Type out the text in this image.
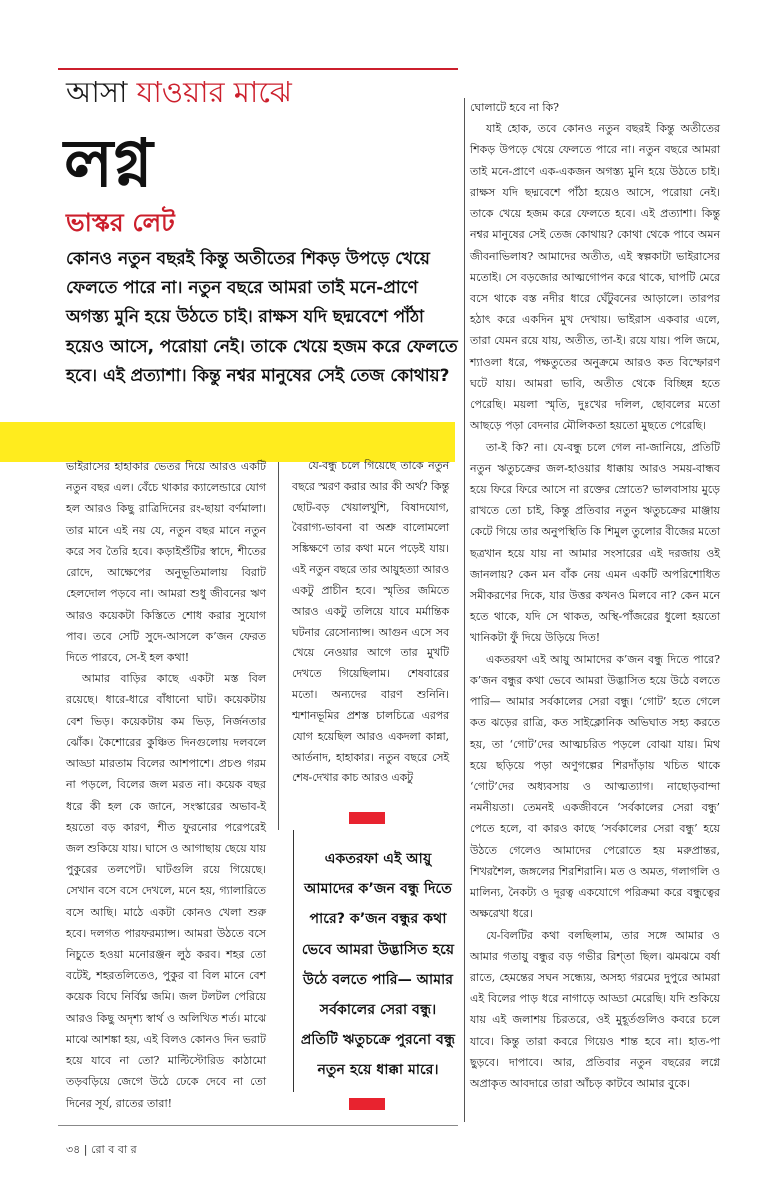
আসা যাওয়ার মাঝে
লগ্ন
ভাস্কর লেট
কোনও নতুন বছরই কিন্তু অতীতের শিকড় উপড়ে খেয়ে ফেলতে পারে না। নতুন বছরে আমরা তাই মনে-প্রাণে অগস্ত্য মুনি হয়ে উঠতে চাই। রাক্ষস যদি ছদ্মবেশে পাঁঠা হয়েও আসে, পরোয়া নেই। তাকে খেয়ে হজম করে ফেলতে হবে। এই প্রত্যাশা। কিন্তু নশ্বর মানুষের সেই তেজ কোথায়?

ভাইরাসের হাহাকার ভেতর দিয়ে আরও একটি নতুন বছর এল। বেঁচে থাকার ক্যালেন্ডারে যোগ হল আরও কিছু রাত্রিদিনের রং-ছায়া বর্ণমালা। তার মানে এই নয় যে, নতুন বছর মানে নতুন করে সব তৈরি হবে। কড়াইশুঁটির স্বাদে, শীতের রোদে, আক্ষেপের অনুভূতিমালায় বিরাট হেলদোল পড়বে না। আমরা শুধু জীবনের ঋণ আরও কয়েকটা কিস্তিতে শোধ করার সুযোগ পাব। তবে সেটি সুদে-আসলে ক’জন ফেরত দিতে পারবে, সে-ই হল কথা!

আমার বাড়ির কাছে একটা মস্ত বিল রয়েছে। ধারে-ধারে বাঁধানো ঘাট। কয়েকটায় বেশ ভিড়। কয়েকটায় কম ভিড়, নির্জনতার ঝোঁক। কৈশোরের কুঞ্চিত দিনগুলোয় দলবলে আড্ডা মারতাম বিলের আশপাশে। প্রচণ্ড গরম না পড়লে, বিলের জল মরত না। কয়েক বছর ধরে কী হল কে জানে, সংস্কারের অভাব-ই হয়তো বড় কারণ, শীত ফুরনোর পরেপরেই জল শুকিয়ে যায়। ঘাসে ও আগাছায় ছেয়ে যায় পুকুরের তলপেট। ঘাটগুলি রয়ে গিয়েছে। সেখান বসে বসে দেখলে, মনে হয়, গ্যালারিতে বসে আছি। মাঠে একটা কোনও খেলা শুরু হবে। দলগত পারফরম্যান্স। আমরা উঠতে বসে নিচুতে হওয়া মনোরঞ্জন লুঠ করব। শহর তো বটেই, শহরতলিতেও, পুকুর বা বিল মানে বেশ কয়েক বিঘে নির্বিঘ্ন জমি। জল টলটল পেরিয়ে আরও কিছু অদৃশ্য স্বার্থ ও অলিখিত শর্ত। মাঝে মাঝে আশঙ্কা হয়, এই বিলও কোনও দিন ভরাট হয়ে যাবে না তো? মাল্টিস্টোরিড কাঠামো তড়বড়িয়ে জেগে উঠে ঢেকে দেবে না তো দিনের সূর্য, রাতের তারা!

যে-বন্ধু চলে গিয়েছে তাকে নতুন বছরে স্মরণ করার আর কী অর্থ? কিন্তু ছোট-বড় খেয়ালখুশি, বিষাদযোগ, বৈরাগ্য-ভাবনা বা অশ্রু বালোমলো সঙ্কিক্ষণে তার কথা মনে পড়েই যায়। এই নতুন বছরে তার আয়ুহত্যা আরও একটু প্রাচীন হবে। স্মৃতির জমিতে আরও একটু তলিয়ে যাবে মর্মান্তিক ঘটনার রেসোন্যান্স। আগুন এসে সব খেয়ে নেওয়ার আগে তার মুখটি দেখতে গিয়েছিলাম। শেষবারের মতো। অন্যদের বারণ শুনিনি। শ্মশানভূমির প্রশস্ত চালচিত্রে এরপর যোগ হয়েছিল আরও একদলা কান্না, আর্তনাদ, হাহাকার। নতুন বছরে সেই শেষ-দেখার কাচ আরও একটু

একতরফা এই আয়ু আমাদের ক’জন বন্ধু দিতে পারে? ক’জন বন্ধুর কথা ভেবে আমরা উদ্ভাসিত হয়ে উঠে বলতে পারি— আমার সর্বকালের সেরা বন্ধু। প্রতিটি ঋতুচক্রে পুরনো বন্ধু নতুন হয়ে ধাক্কা মারে।

ঘোলাটে হবে না কি?

যাই হোক, তবে কোনও নতুন বছরই কিন্তু অতীতের শিকড় উপড়ে খেয়ে ফেলতে পারে না। নতুন বছরে আমরা তাই মনে-প্রাণে এক-একজন অগস্ত্য মুনি হয়ে উঠতে চাই। রাক্ষস যদি ছদ্মবেশে পাঁঠা হয়েও আসে, পরোয়া নেই। তাকে খেয়ে হজম করে ফেলতে হবে। এই প্রত্যাশা। কিন্তু নশ্বর মানুষের সেই তেজ কোথায়? কোথা থেকে পাবে অমন জীবনাভিলাষ? আমাদের অতীত, এই স্বল্পকাটা ভাইরাসের মতোই। সে বড়জোর আত্মগোপন করে থাকে, ঘাপটি মেরে বসে থাকে বস্ত নদীর ধারে ঘেঁটুবনের আড়ালে। তারপর হঠাৎ করে একদিন মুখ দেখায়। ভাইরাস একবার এলে, তারা যেমন রয়ে যায়, অতীত, তা-ই। রয়ে যায়। পলি জমে, শ্যাওলা ধরে, পক্ষতুতের অনুক্রমে আরও কত বিস্ফোরণ ঘটে যায়। আমরা ভাবি, অতীত থেকে বিচ্ছিন্ন হতে পেরেছি। ময়লা স্মৃতি, দুঃখের দলিল, ছোবলের মতো আছড়ে পড়া বেদনার মৌলিকতা হয়তো মুছতে পেরেছি।

তা-ই কি? না। যে-বন্ধু চলে গেল না-জানিয়ে, প্রতিটি নতুন ঋতুচক্রের জল-হাওয়ার ধাক্কায় আরও সময়-বান্ধব হয়ে ফিরে ফিরে আসে না রক্তের স্রোতে? ভালবাসায় মুড়ে রাখতে তো চাই, কিন্তু প্রতিবার নতুন ঋতুচক্রের মাঞ্জায় কেটে গিয়ে তার অনুপস্থিতি কি শিমুল তুলোর বীজের মতো ছত্রখান হয়ে যায় না আমার সংসারের এই দরজায় ওই জানলায়? কেন মন বাঁক নেয় এমন একটি অপরিশোধিত সমীকরণের দিকে, যার উত্তর কখনও মিলবে না? কেন মনে হতে থাকে, যদি সে থাকত, অস্থি-পাঁজরের ধুলো হয়তো খানিকটা ফুঁ দিয়ে উড়িয়ে দিত!

একতরফা এই আয়ু আমাদের ক’জন বন্ধু দিতে পারে? ক’জন বন্ধুর কথা ভেবে আমরা উদ্ভাসিত হয়ে উঠে বলতে পারি— আমার সর্বকালের সেরা বন্ধু। ‘গোট’ হতে গেলে কত ঝড়ের রাত্রি, কত সাইক্লোনিক অভিঘাত সহ্য করতে হয়, তা ‘গোট’দের আত্মচরিত পড়লে বোঝা যায়। মিথ হয়ে ছড়িয়ে পড়া অণুগল্পের শিরদাঁড়ায় খচিত থাকে ‘গোট’দের অধ্যবসায় ও আত্মত্যাগ। নাছোড়বান্দা নমনীয়তা। তেমনই একজীবনে ‘সর্বকালের সেরা বন্ধু’ পেতে হলে, বা কারও কাছে ‘সর্বকালের সেরা বন্ধু’ হয়ে উঠতে গেলেও আমাদের পেরোতে হয় মরুপ্রান্তর, শিখরশৈল, জঙ্গলের শিরশিরানি। মত ও অমত, গলাগলি ও মালিন্য, নৈকট্য ও দূরত্ব একযোগে পরিক্রমা করে বন্ধুত্বের অক্ষরেখা ধরে।

যে-বিলটির কথা বলছিলাম, তার সঙ্গে আমার ও আমার গতায়ু বন্ধুর বড় গভীর রিশ্‌তা ছিল। ঝমঝমে বর্ষা রাতে, হেমন্তের সঘন সন্ধ্যেয়, অসহ্য গরমের দুপুরে আমরা এই বিলের পাড় ধরে নাগাড়ে আড্ডা মেরেছি। যদি শুকিয়ে যায় এই জলাশয় চিরতরে, ওই মুহূর্তগুলিও কবরে চলে যাবে। কিন্তু তারা কবরে গিয়েও শান্ত হবে না। হাত-পা ছুড়বে। দাপাবে। আর, প্রতিবার নতুন বছরের লগ্নে অপ্রাকৃত আবদারে তারা আঁচড় কাটবে আমার বুকে।

৩৪ | রো ব বা র
